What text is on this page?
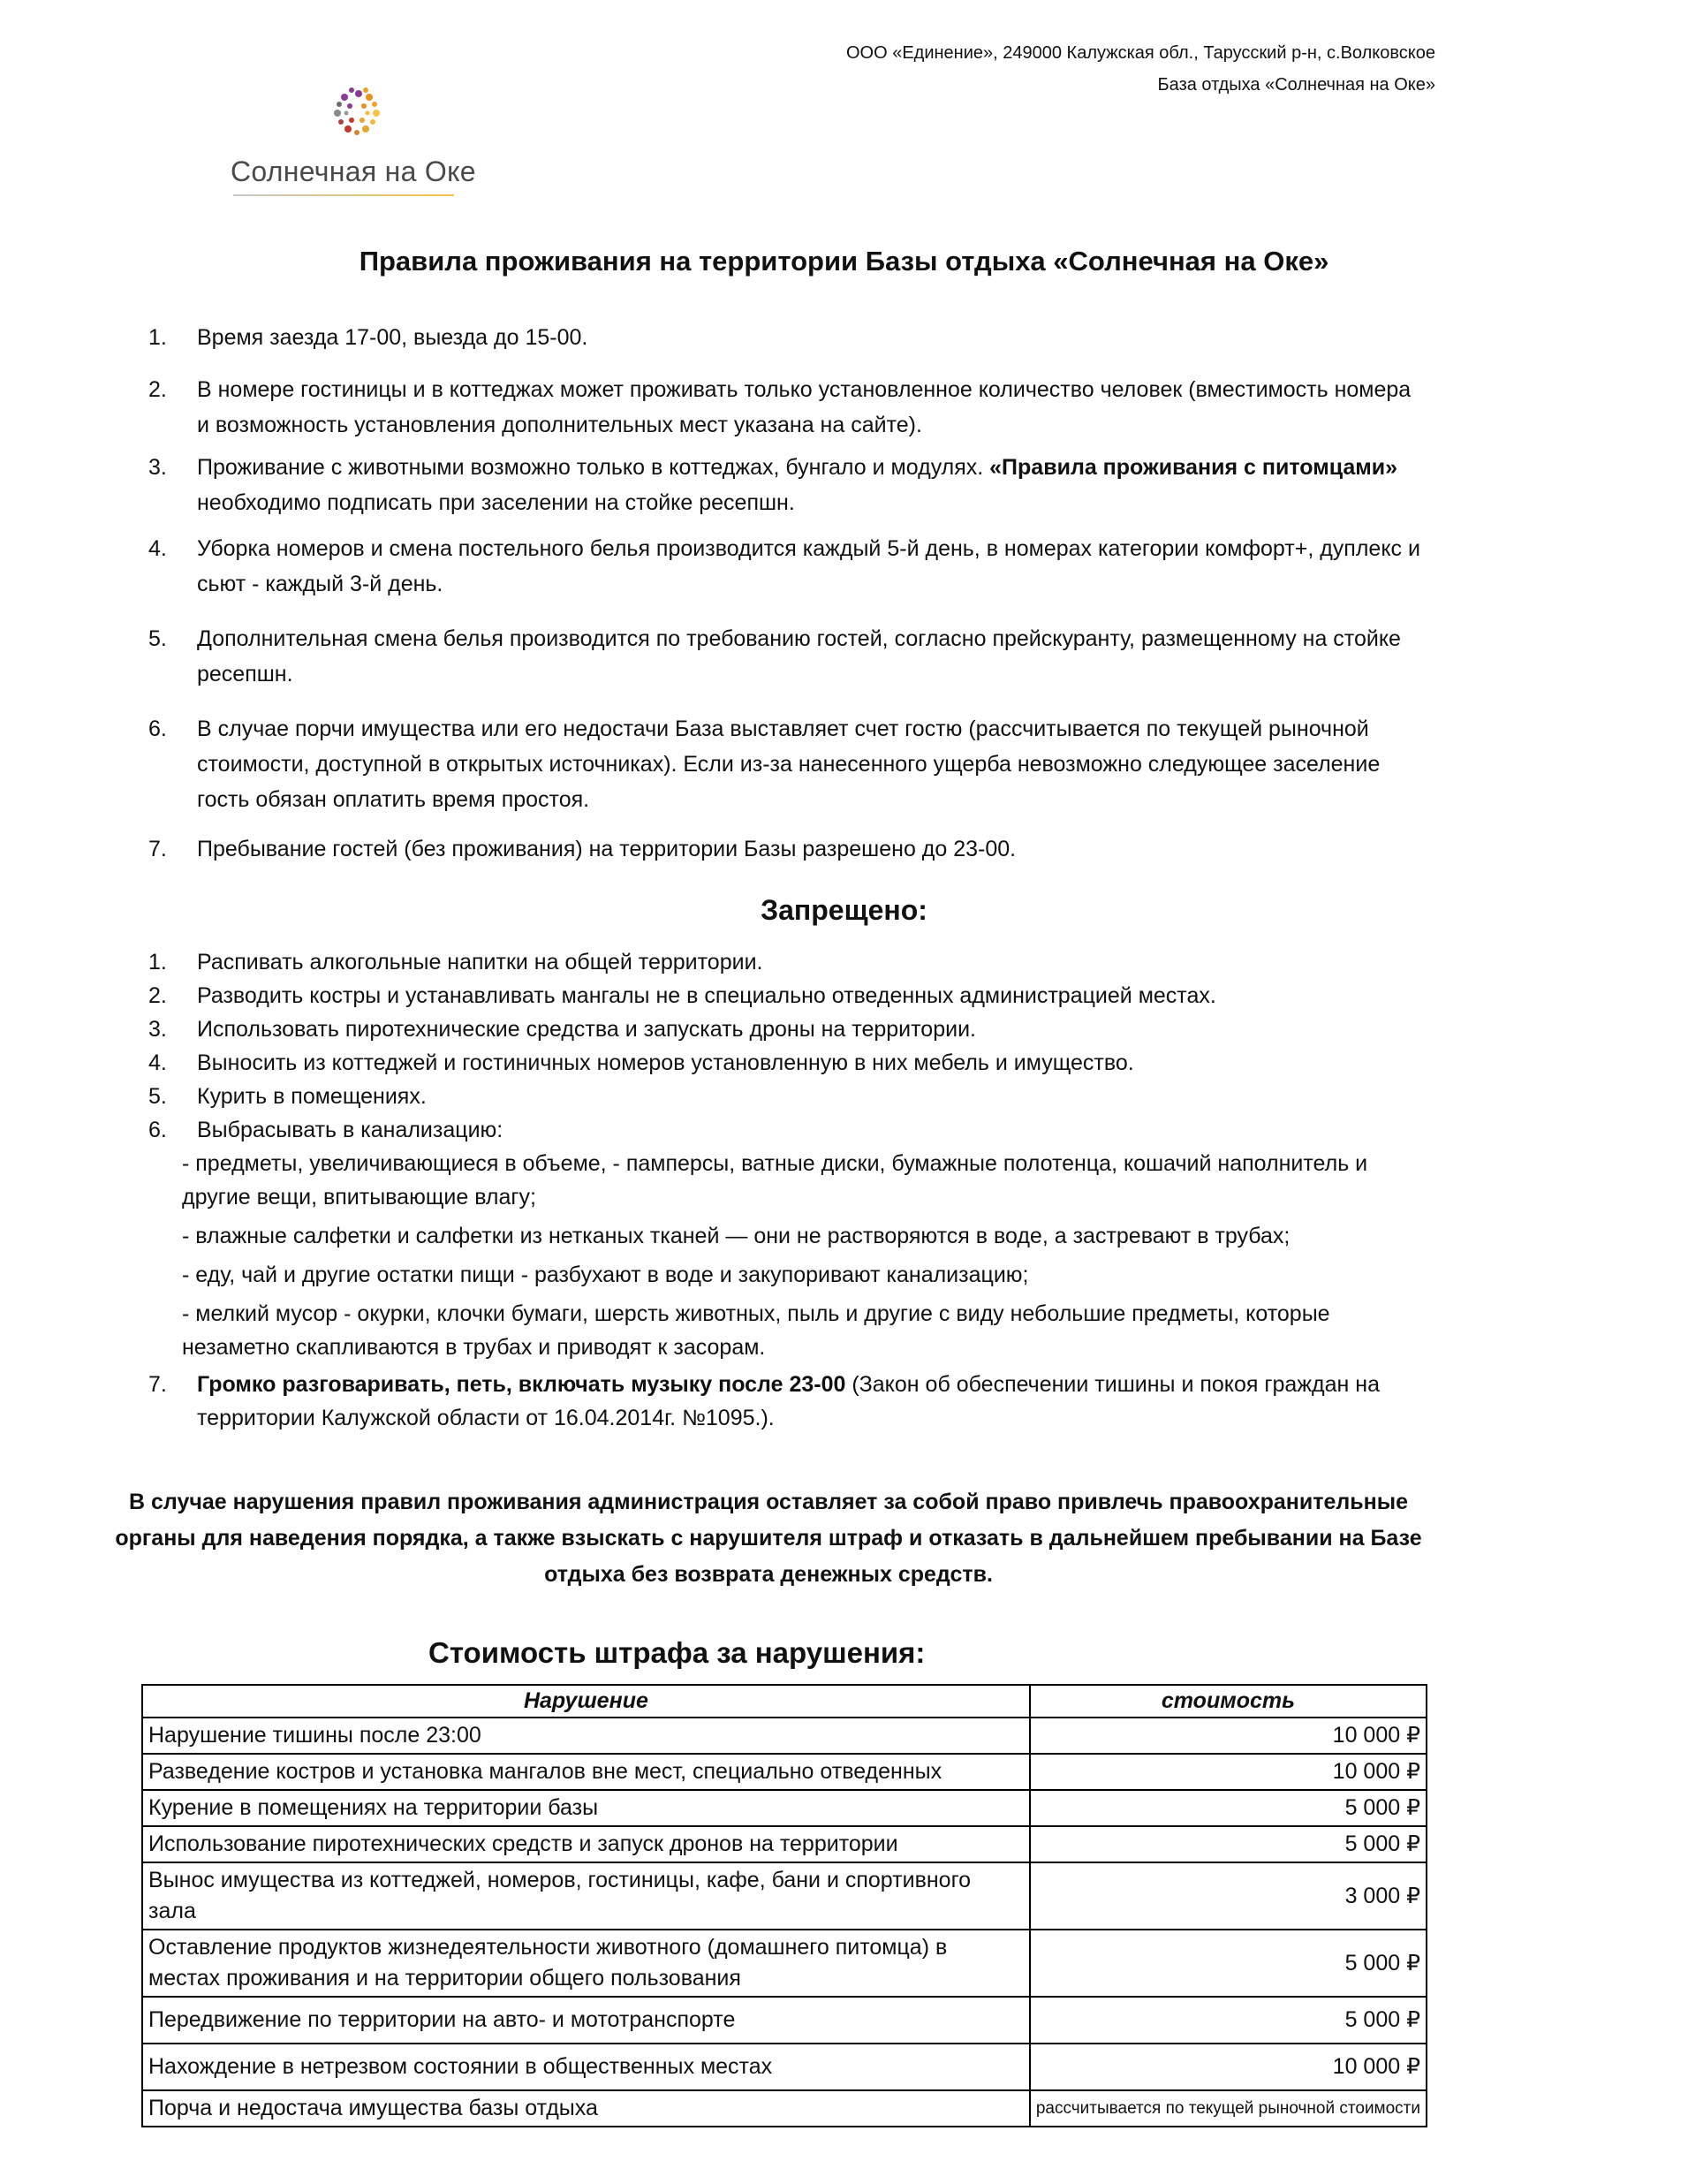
ООО «Единение», 249000 Калужская обл., Тарусский р-н, с.Волковское
База отдыха «Солнечная на Оке»
Солнечная на Оке
Правила проживания на территории Базы отдыха «Солнечная на Оке»
1. Время заезда 17-00, выезда до 15-00.
2. В номере гостиницы и в коттеджах может проживать только установленное количество человек (вместимость номера и возможность установления дополнительных мест указана на сайте).
3. Проживание с животными возможно только в коттеджах, бунгало и модулях. «Правила проживания с питомцами» необходимо подписать при заселении на стойке ресепшн.
4. Уборка номеров и смена постельного белья производится каждый 5-й день, в номерах категории комфорт+, дуплекс и сьют - каждый 3-й день.
5. Дополнительная смена белья производится по требованию гостей, согласно прейскуранту, размещенному на стойке ресепшн.
6. В случае порчи имущества или его недостачи База выставляет счет гостю (рассчитывается по текущей рыночной стоимости, доступной в открытых источниках). Если из-за нанесенного ущерба невозможно следующее заселение гость обязан оплатить время простоя.
7. Пребывание гостей (без проживания) на территории Базы разрешено до 23-00.
Запрещено:
1. Распивать алкогольные напитки на общей территории.
2. Разводить костры и устанавливать мангалы не в специально отведенных администрацией местах.
3. Использовать пиротехнические средства и запускать дроны на территории.
4. Выносить из коттеджей и гостиничных номеров установленную в них мебель и имущество.
5. Курить в помещениях.
6. Выбрасывать в канализацию:
- предметы, увеличивающиеся в объеме, - памперсы, ватные диски, бумажные полотенца, кошачий наполнитель и другие вещи, впитывающие влагу;
- влажные салфетки и салфетки из нетканых тканей — они не растворяются в воде, а застревают в трубах;
- еду, чай и другие остатки пищи - разбухают в воде и закупоривают канализацию;
- мелкий мусор - окурки, клочки бумаги, шерсть животных, пыль и другие с виду небольшие предметы, которые незаметно скапливаются в трубах и приводят к засорам.
7. Громко разговаривать, петь, включать музыку после 23-00 (Закон об обеспечении тишины и покоя граждан на территории Калужской области от 16.04.2014г. №1095.).
В случае нарушения правил проживания администрация оставляет за собой право привлечь правоохранительные органы для наведения порядка, а также взыскать с нарушителя штраф и отказать в дальнейшем пребывании на Базе отдыха без возврата денежных средств.
Стоимость штрафа за нарушения:
Нарушение	стоимость
Нарушение тишины после 23:00	10 000 ₽
Разведение костров и установка мангалов вне мест, специально отведенных	10 000 ₽
Курение в помещениях на территории базы	5 000 ₽
Использование пиротехнических средств и запуск дронов на территории	5 000 ₽
Вынос имущества из коттеджей, номеров, гостиницы, кафе, бани и спортивного зала	3 000 ₽
Оставление продуктов жизнедеятельности животного (домашнего питомца) в местах проживания и на территории общего пользования	5 000 ₽
Передвижение по территории на авто- и мототранспорте	5 000 ₽
Нахождение в нетрезвом состоянии в общественных местах	10 000 ₽
Порча и недостача имущества базы отдыха	рассчитывается по текущей рыночной стоимости
